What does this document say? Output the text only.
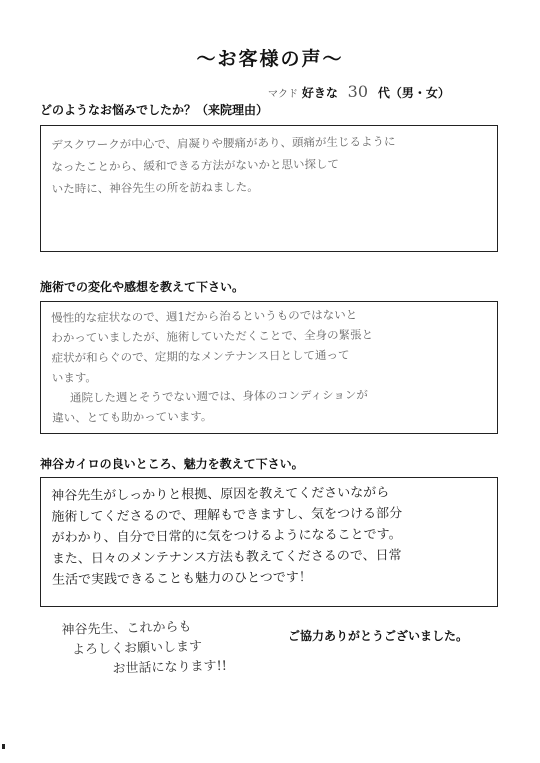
〜お客様の声〜
マクド 好きな 30 代（男・女）
どのようなお悩みでしたか？（来院理由）

デスクワークが中心で、肩凝りや腰痛があり、頭痛が生じるように

なったことから、緩和できる方法がないかと思い探して

いた時に、神谷先生の所を訪ねました。

施術での変化や感想を教えて下さい。

慢性的な症状なので、週1だから治るというものではないと

わかっていましたが、施術していただくことで、全身の緊張と

症状が和らぐので、定期的なメンテナンス日として通って

います。

通院した週とそうでない週では、身体のコンディションが

違い、とても助かっています。

神谷カイロの良いところ、魅力を教えて下さい。

神谷先生がしっかりと根拠、原因を教えてくださいながら

施術してくださるので、理解もできますし、気をつける部分

がわかり、自分で日常的に気をつけるようになることです。

また、日々のメンテナンス方法も教えてくださるので、日常

生活で実践できることも魅力のひとつです！

神谷先生、これからも

よろしくお願いします

お世話になります!!

ご協力ありがとうございました。
